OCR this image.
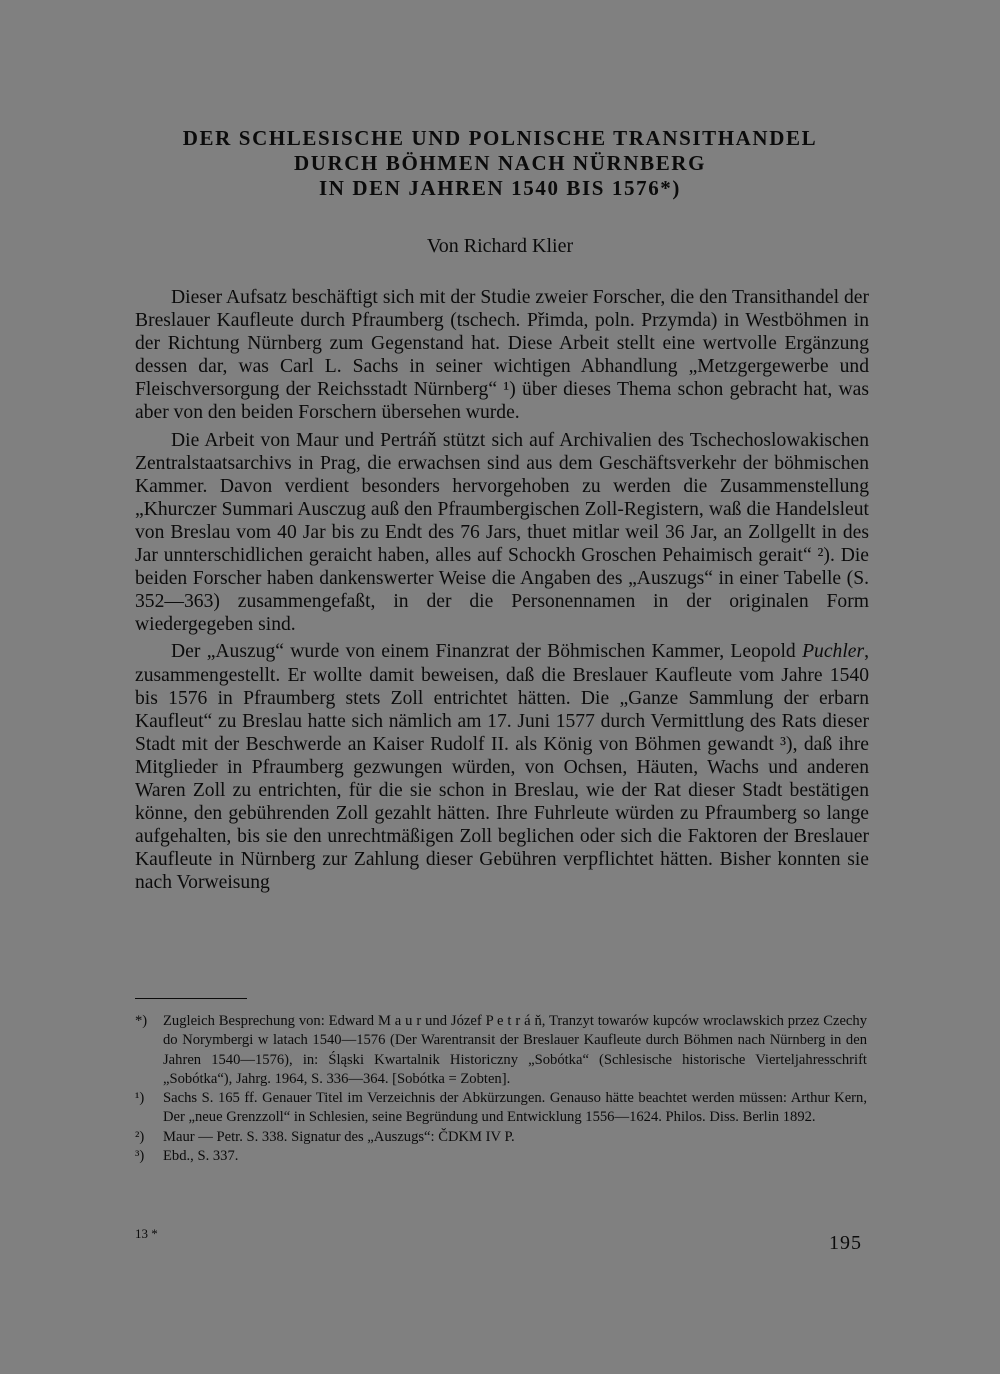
DER SCHLESISCHE UND POLNISCHE TRANSITHANDEL
DURCH BÖHMEN NACH NÜRNBERG
IN DEN JAHREN 1540 BIS 1576*)
Von Richard Klier

Dieser Aufsatz beschäftigt sich mit der Studie zweier Forscher, die den Transithandel der Breslauer Kaufleute durch Pfraumberg (tschech. Přimda, poln. Przymda) in Westböhmen in der Richtung Nürnberg zum Gegenstand hat. Diese Arbeit stellt eine wertvolle Ergänzung dessen dar, was Carl L. Sachs in seiner wichtigen Abhandlung „Metzgergewerbe und Fleischversorgung der Reichsstadt Nürnberg“ ¹) über dieses Thema schon gebracht hat, was aber von den beiden Forschern übersehen wurde.

Die Arbeit von Maur und Pertráň stützt sich auf Archivalien des Tschechoslowakischen Zentralstaatsarchivs in Prag, die erwachsen sind aus dem Geschäftsverkehr der böhmischen Kammer. Davon verdient besonders hervorgehoben zu werden die Zusammenstellung „Khurczer Summari Ausczug auß den Pfraumbergischen Zoll-Registern, waß die Handelsleut von Breslau vom 40 Jar bis zu Endt des 76 Jars, thuet mitlar weil 36 Jar, an Zollgellt in des Jar unnterschidlichen geraicht haben, alles auf Schockh Groschen Pehaimisch gerait“ ²). Die beiden Forscher haben dankenswerter Weise die Angaben des „Auszugs“ in einer Tabelle (S. 352—363) zusammengefaßt, in der die Personennamen in der originalen Form wiedergegeben sind.

Der „Auszug“ wurde von einem Finanzrat der Böhmischen Kammer, Leopold Puchler, zusammengestellt. Er wollte damit beweisen, daß die Breslauer Kaufleute vom Jahre 1540 bis 1576 in Pfraumberg stets Zoll entrichtet hätten. Die „Ganze Sammlung der erbarn Kaufleut“ zu Breslau hatte sich nämlich am 17. Juni 1577 durch Vermittlung des Rats dieser Stadt mit der Beschwerde an Kaiser Rudolf II. als König von Böhmen gewandt ³), daß ihre Mitglieder in Pfraumberg gezwungen würden, von Ochsen, Häuten, Wachs und anderen Waren Zoll zu entrichten, für die sie schon in Breslau, wie der Rat dieser Stadt bestätigen könne, den gebührenden Zoll gezahlt hätten. Ihre Fuhrleute würden zu Pfraumberg so lange aufgehalten, bis sie den unrechtmäßigen Zoll beglichen oder sich die Faktoren der Breslauer Kaufleute in Nürnberg zur Zahlung dieser Gebühren verpflichtet hätten. Bisher konnten sie nach Vorweisung

*) Zugleich Besprechung von: Edward M a u r und Józef P e t r á ň, Tranzyt towarów kupców wroclawskich przez Czechy do Norymbergi w latach 1540—1576 (Der Warentransit der Breslauer Kaufleute durch Böhmen nach Nürnberg in den Jahren 1540—1576), in: Śląski Kwartalnik Historiczny „Sobótka“ (Schlesische historische Vierteljahresschrift „Sobótka“), Jahrg. 1964, S. 336—364. [Sobótka = Zobten].

¹) Sachs S. 165 ff. Genauer Titel im Verzeichnis der Abkürzungen. Genauso hätte beachtet werden müssen: Arthur Kern, Der „neue Grenzzoll“ in Schlesien, seine Begründung und Entwicklung 1556—1624. Philos. Diss. Berlin 1892.

²) Maur — Petr. S. 338. Signatur des „Auszugs“: ČDKM IV P.

³) Ebd., S. 337.

13 *	195
